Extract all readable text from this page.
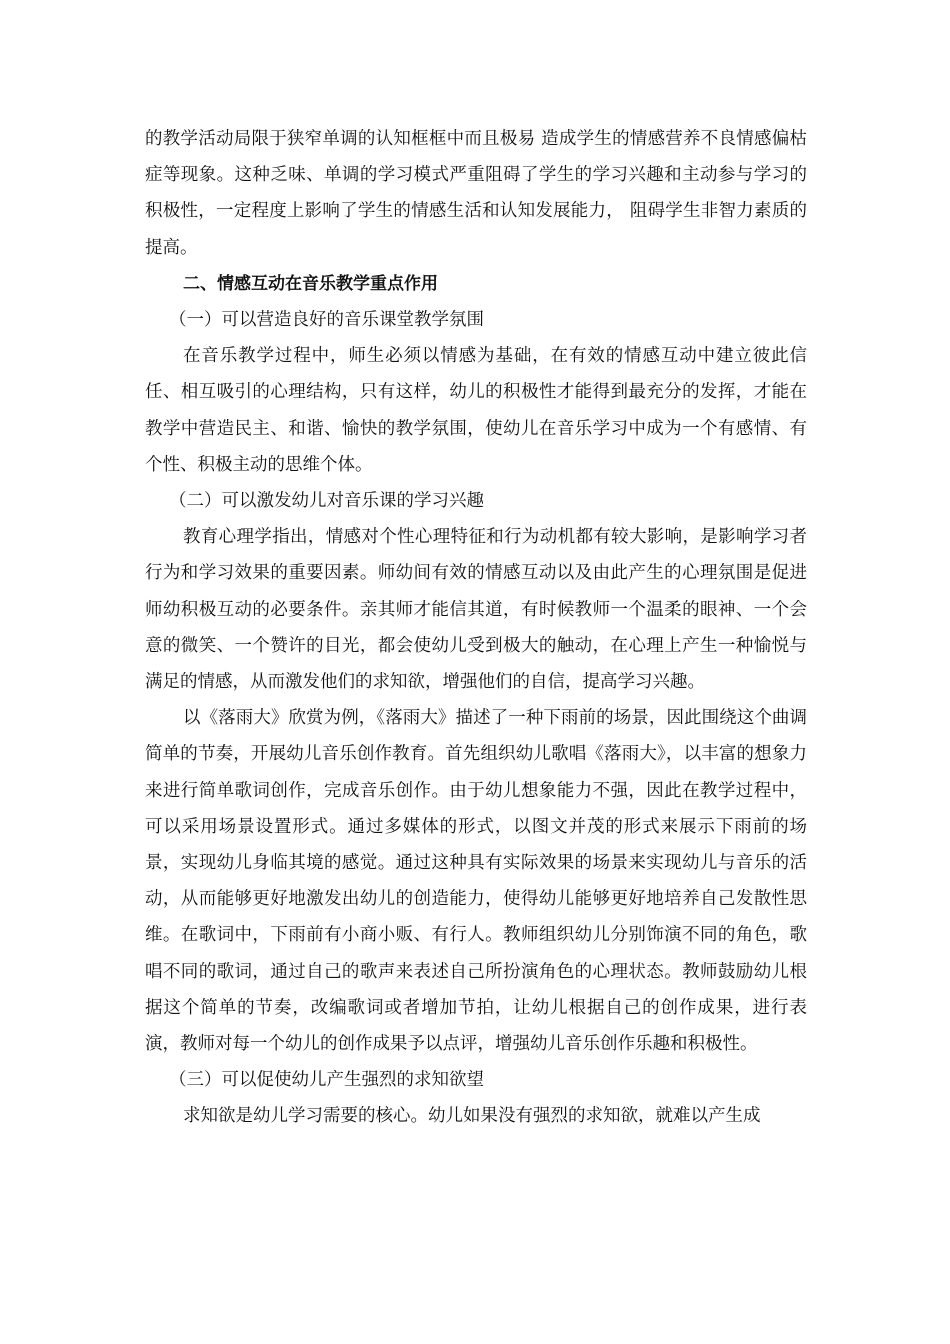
的教学活动局限于狭窄单调的认知框框中而且极易 造成学生的情感营养不良情感偏枯症等现象。这种乏味、单调的学习模式严重阻碍了学生的学习兴趣和主动参与学习的 积极性，一定程度上影响了学生的情感生活和认知发展能力， 阻碍学生非智力素质的提高。

二、情感互动在音乐教学重点作用

（一）可以营造良好的音乐课堂教学氛围

在音乐教学过程中，师生必须以情感为基础，在有效的情感互动中建立彼此信任、相互吸引的心理结构，只有这样，幼儿的积极性才能得到最充分的发挥，才能在教学中营造民主、和谐、愉快的教学氛围，使幼儿在音乐学习中成为一个有感情、有个性、积极主动的思维个体。

（二）可以激发幼儿对音乐课的学习兴趣

教育心理学指出，情感对个性心理特征和行为动机都有较大影响，是影响学习者行为和学习效果的重要因素。师幼间有效的情感互动以及由此产生的心理氛围是促进师幼积极互动的必要条件。亲其师才能信其道，有时候教师一个温柔的眼神、一个会意的微笑、一个赞许的目光，都会使幼儿受到极大的触动，在心理上产生一种愉悦与满足的情感，从而激发他们的求知欲，增强他们的自信，提高学习兴趣。

以《落雨大》欣赏为例，《落雨大》描述了一种下雨前的场景，因此围绕这个曲调简单的节奏，开展幼儿音乐创作教育。首先组织幼儿歌唱《落雨大》，以丰富的想象力来进行简单歌词创作，完成音乐创作。由于幼儿想象能力不强，因此在教学过程中，可以采用场景设置形式。通过多媒体的形式，以图文并茂的形式来展示下雨前的场景，实现幼儿身临其境的感觉。通过这种具有实际效果的场景来实现幼儿与音乐的活动，从而能够更好地激发出幼儿的创造能力，使得幼儿能够更好地培养自己发散性思维。在歌词中，下雨前有小商小贩、有行人。教师组织幼儿分别饰演不同的角色，歌唱不同的歌词，通过自己的歌声来表述自己所扮演角色的心理状态。教师鼓励幼儿根据这个简单的节奏，改编歌词或者增加节拍，让幼儿根据自己的创作成果，进行表演，教师对每一个幼儿的创作成果予以点评，增强幼儿音乐创作乐趣和积极性。

（三）可以促使幼儿产生强烈的求知欲望

求知欲是幼儿学习需要的核心。幼儿如果没有强烈的求知欲，就难以产生成
